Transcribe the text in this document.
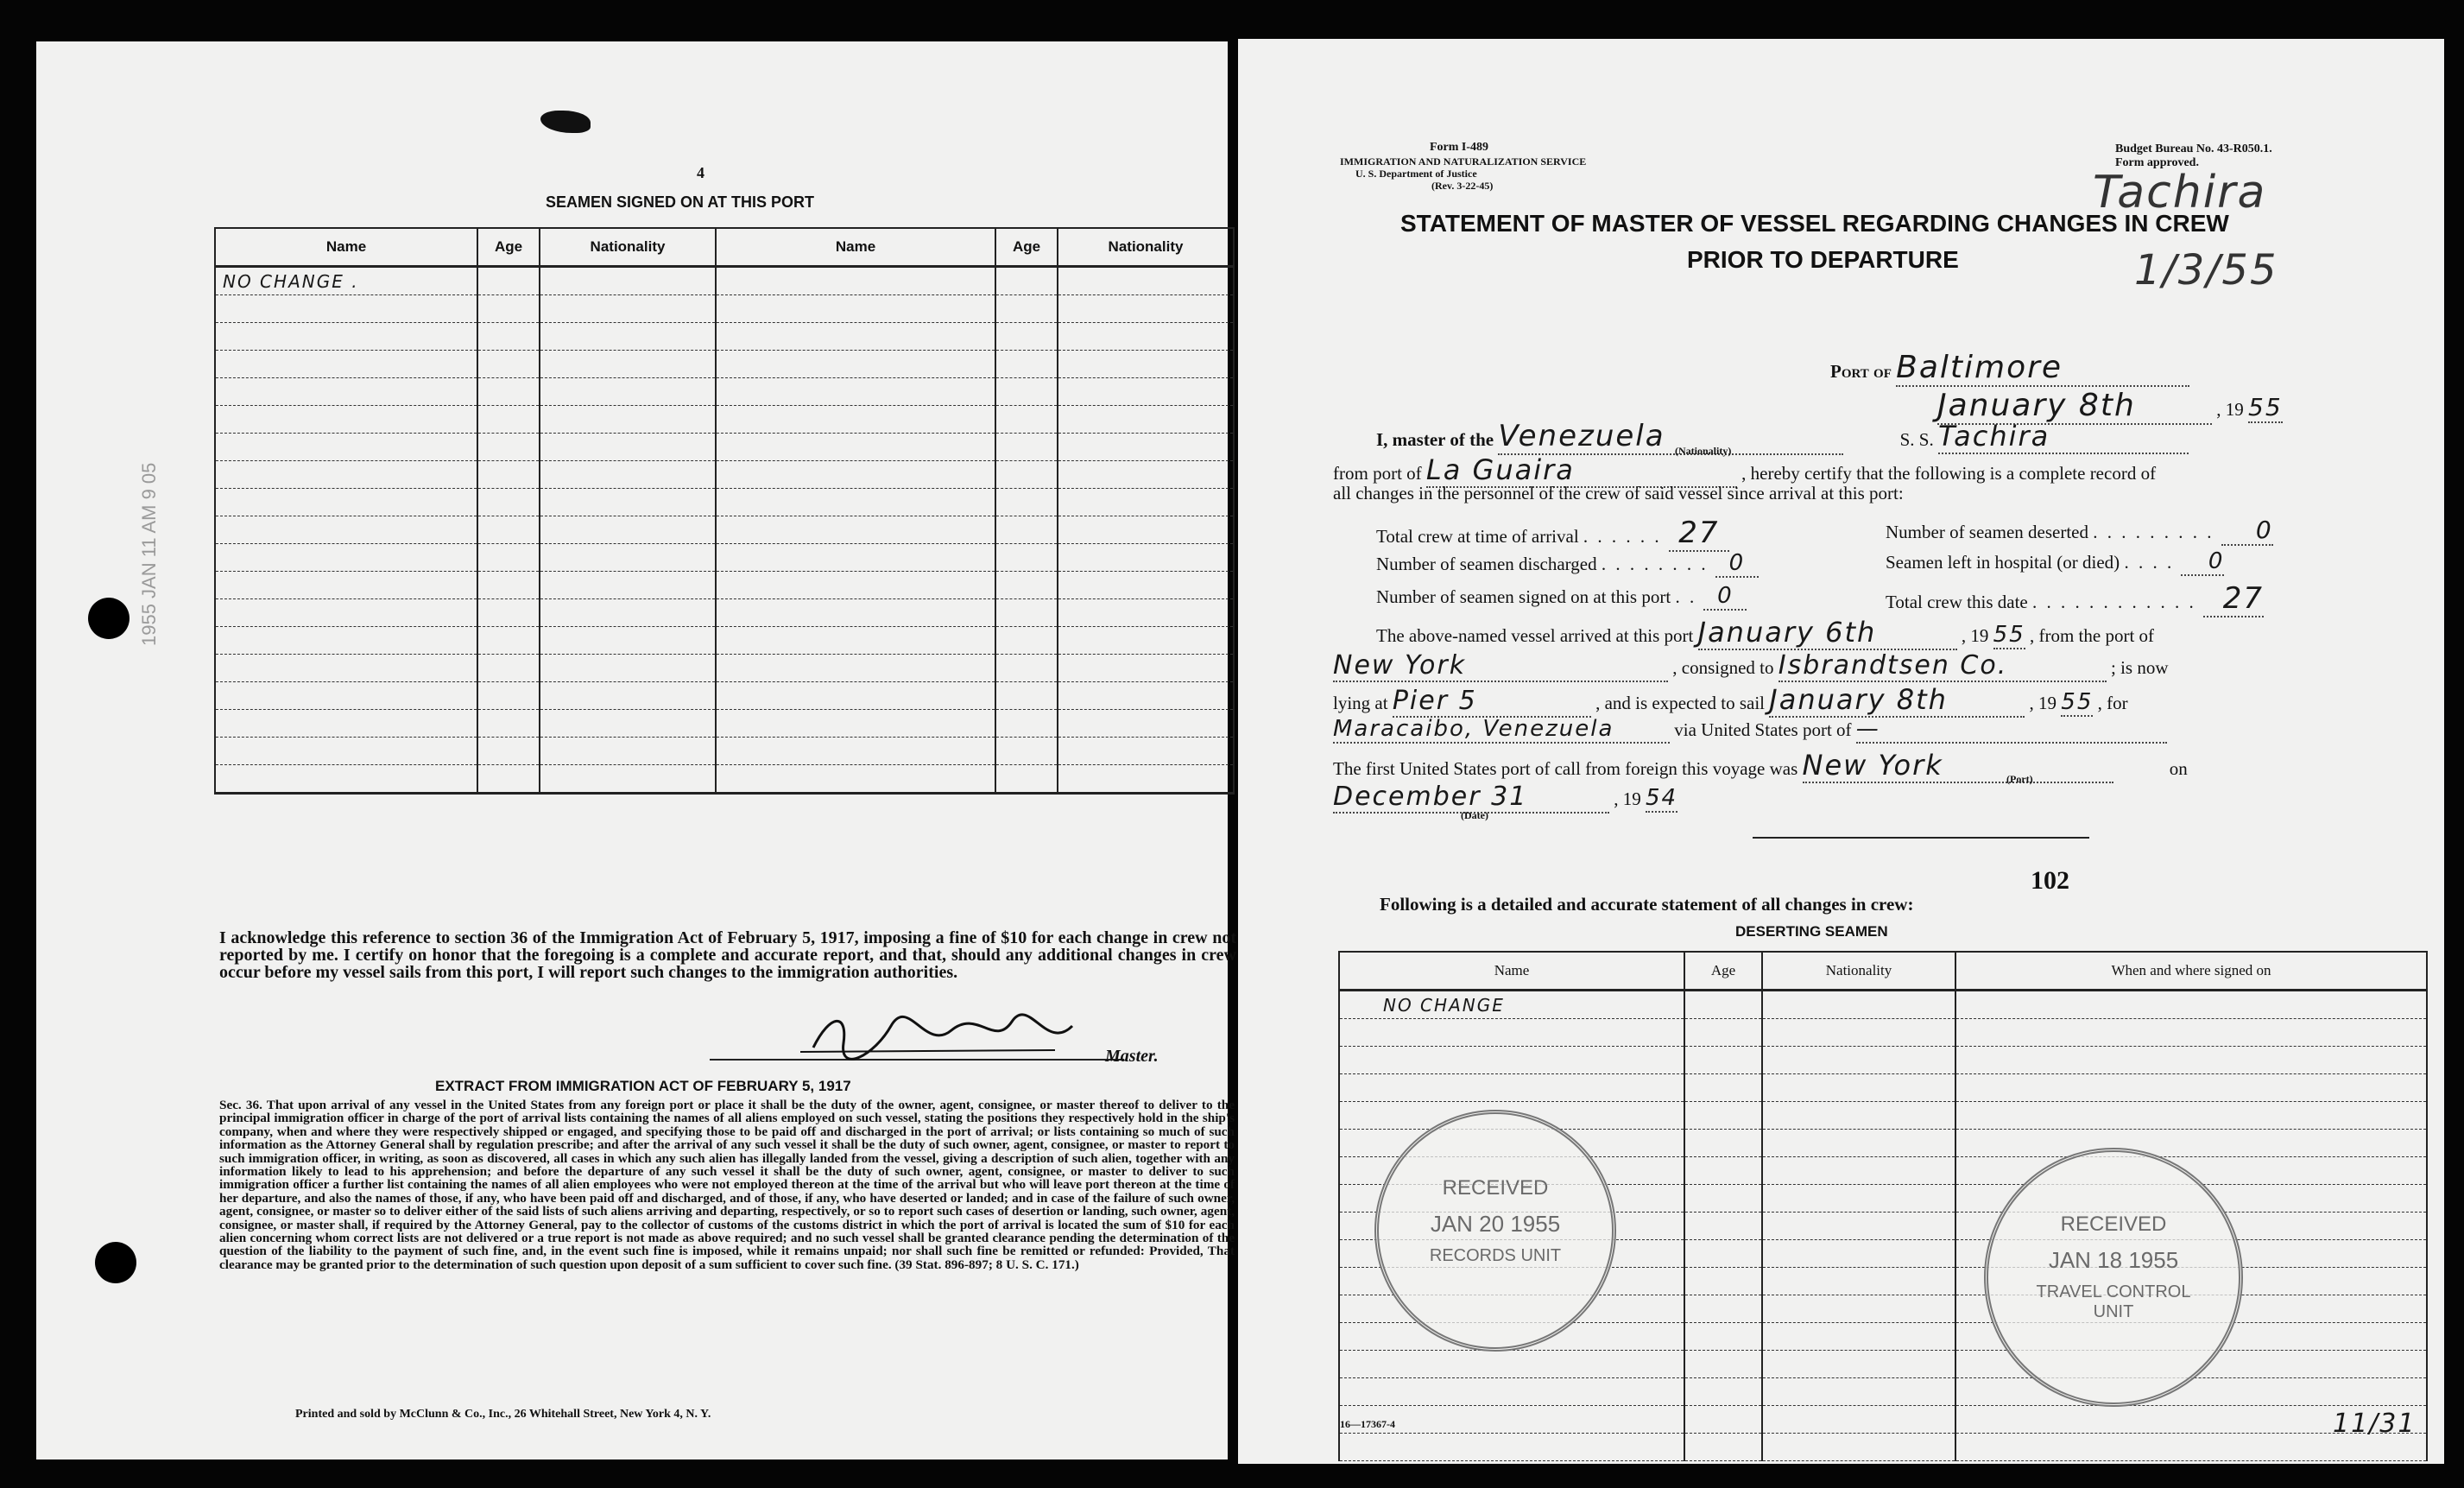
4
SEAMEN SIGNED ON AT THIS PORT
Name	Age	Nationality	Name	Age	Nationality
NO CHANGE .					

1955 JAN 11 AM 9 05
I acknowledge this reference to section 36 of the Immigration Act of February 5, 1917, imposing a fine of $10 for each change in crew not reported by me. I certify on honor that the foregoing is a complete and accurate report, and that, should any additional changes in crew occur before my vessel sails from this port, I will report such changes to the immigration authorities.
Master.
EXTRACT FROM IMMIGRATION ACT OF FEBRUARY 5, 1917
Sec. 36. That upon arrival of any vessel in the United States from any foreign port or place it shall be the duty of the owner, agent, consignee, or master thereof to deliver to the principal immigration officer in charge of the port of arrival lists containing the names of all aliens employed on such vessel, stating the positions they respectively hold in the ship's company, when and where they were respectively shipped or engaged, and specifying those to be paid off and discharged in the port of arrival; or lists containing so much of such information as the Attorney General shall by regulation prescribe; and after the arrival of any such vessel it shall be the duty of such owner, agent, consignee, or master to report to such immigration officer, in writing, as soon as discovered, all cases in which any such alien has illegally landed from the vessel, giving a description of such alien, together with any information likely to lead to his apprehension; and before the departure of any such vessel it shall be the duty of such owner, agent, consignee, or master to deliver to such immigration officer a further list containing the names of all alien employees who were not employed thereon at the time of the arrival but who will leave port thereon at the time of her departure, and also the names of those, if any, who have been paid off and discharged, and of those, if any, who have deserted or landed; and in case of the failure of such owner, agent, consignee, or master so to deliver either of the said lists of such aliens arriving and departing, respectively, or so to report such cases of desertion or landing, such owner, agent, consignee, or master shall, if required by the Attorney General, pay to the collector of customs of the customs district in which the port of arrival is located the sum of $10 for each alien concerning whom correct lists are not delivered or a true report is not made as above required; and no such vessel shall be granted clearance pending the determination of the question of the liability to the payment of such fine, and, in the event such fine is imposed, while it remains unpaid; nor shall such fine be remitted or refunded: Provided, That clearance may be granted prior to the determination of such question upon deposit of a sum sufficient to cover such fine. (39 Stat. 896-897; 8 U. S. C. 171.)
Printed and sold by McClunn & Co., Inc., 26 Whitehall Street, New York 4, N. Y.
Form I-489
IMMIGRATION AND NATURALIZATION SERVICE
U. S. Department of Justice
(Rev. 3-22-45)
Budget Bureau No. 43-R050.1.
Form approved.
Tachira
1/3/55
STATEMENT OF MASTER OF VESSEL REGARDING CHANGES IN CREW
PRIOR TO DEPARTURE
Port of Baltimore
January 8th	, 19 55
I, master of the Venezuela	S. S. Tachira
(Nationality)
from port of La Guaira	, hereby certify that the following is a complete record of
all changes in the personnel of the crew of said vessel since arrival at this port:
Total crew at time of arrival . . . . . . 27	Number of seamen deserted . . . . . . . . . 0
Number of seamen discharged . . . . . . . . 0	Seamen left in hospital (or died) . . . . 0
Number of seamen signed on at this port . . 0	Total crew this date . . . . . . . . . . . . 27
The above-named vessel arrived at this port January 6th	, 19 55 , from the port of
New York	, consigned to Isbrandtsen Co.	; is now
lying at Pier 5	, and is expected to sail January 8th	, 19 55 , for
Maracaibo, Venezuela	via United States port of —
The first United States port of call from foreign this voyage was New York	on
(Port)
December 31	, 19 54
(Date)
102
Following is a detailed and accurate statement of all changes in crew:
DESERTING SEAMEN
Name	Age	Nationality	When and where signed on
NO CHANGE			

RECEIVED
JAN 20 1955
RECORDS UNIT
RECEIVED
JAN 18 1955
TRAVEL CONTROL
UNIT
16—17367-4	11/31
